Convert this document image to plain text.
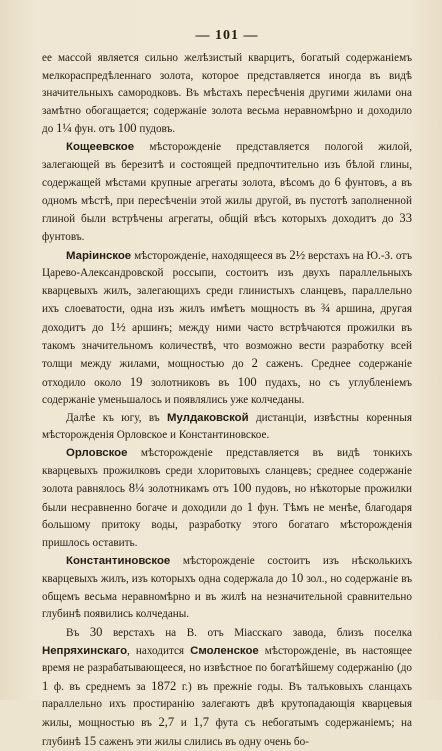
— 101 —

ее массой является сильно желѣзистый кварцитъ, богатый содержаніемъ мелкораспредѣленнаго золота, которое представляется иногда въ видѣ значительныхъ самородковъ. Въ мѣстахъ пересѣченія другими жилами она замѣтно обогащается; содержаніе золота весьма неравномѣрно и доходило до 1¼ фун. отъ 100 пудовъ.

Кощеевское мѣсторожденіе представляется пологой жилой, залегающей въ березитѣ и состоящей предпочтительно изъ бѣлой глины, содержащей мѣстами крупные агрегаты золота, вѣсомъ до 6 фунтовъ, а въ одномъ мѣстѣ, при пересѣченіи этой жилы другой, въ пустотѣ заполненной глиной были встрѣчены агрегаты, общій вѣсъ которыхъ доходитъ до 33 фунтовъ.

Маріинское мѣсторожденіе, находящееся въ 2½ верстахъ на Ю.-З. отъ Царево-Александровской россыпи, состоитъ изъ двухъ параллельныхъ кварцевыхъ жилъ, залегающихъ среди глинистыхъ сланцевъ, параллельно ихъ слоеватости, одна изъ жилъ имѣетъ мощность въ ¾ аршина, другая доходитъ до 1½ аршинъ; между ними часто встрѣчаются прожилки въ такомъ значительномъ количествѣ, что возможно вести разработку всей толщи между жилами, мощностью до 2 саженъ. Среднее содержаніе отходило около 19 золотниковъ въ 100 пудахъ, но съ углубленіемъ содержаніе уменьшалось и появлялись уже колчеданы.

Далѣе къ югу, въ Мулдаковской дистанціи, извѣстны коренныя мѣсторожденія Орловское и Константиновское.

Орловское мѣсторожденіе представляется въ видѣ тонкихъ кварцевыхъ прожилковъ среди хлоритовыхъ сланцевъ; среднее содержаніе золота равнялось 8¼ золотникамъ отъ 100 пудовъ, но нѣкоторые прожилки были несравненно богаче и доходили до 1 фун. Тѣмъ не менѣе, благодаря большому притоку воды, разработку этого богатаго мѣсторожденія пришлось оставить.

Константиновское мѣсторожденіе состоитъ изъ нѣсколькихъ кварцевыхъ жилъ, изъ которыхъ одна содержала до 10 зол., но содержаніе въ общемъ весьма неравномѣрно и въ жилѣ на незначительной сравнительно глубинѣ появились колчеданы.

Въ 30 верстахъ на В. отъ Міасскаго завода, близъ поселка Непряхинскаго, находится Смоленское мѣсторожденіе, въ настоящее время не разрабатывающееся, но извѣстное по богатѣйшему содержанію (до 1 ф. въ среднемъ за 1872 г.) въ прежніе годы. Въ талъковыхъ сланцахъ параллельно ихъ простиранію залегаютъ двѣ крутопадающія кварцевыя жилы, мощностью въ 2,7 и 1,7 фута съ небогатымъ содержаніемъ; на глубинѣ 15 саженъ эти жилы слились въ одну очень бо-
